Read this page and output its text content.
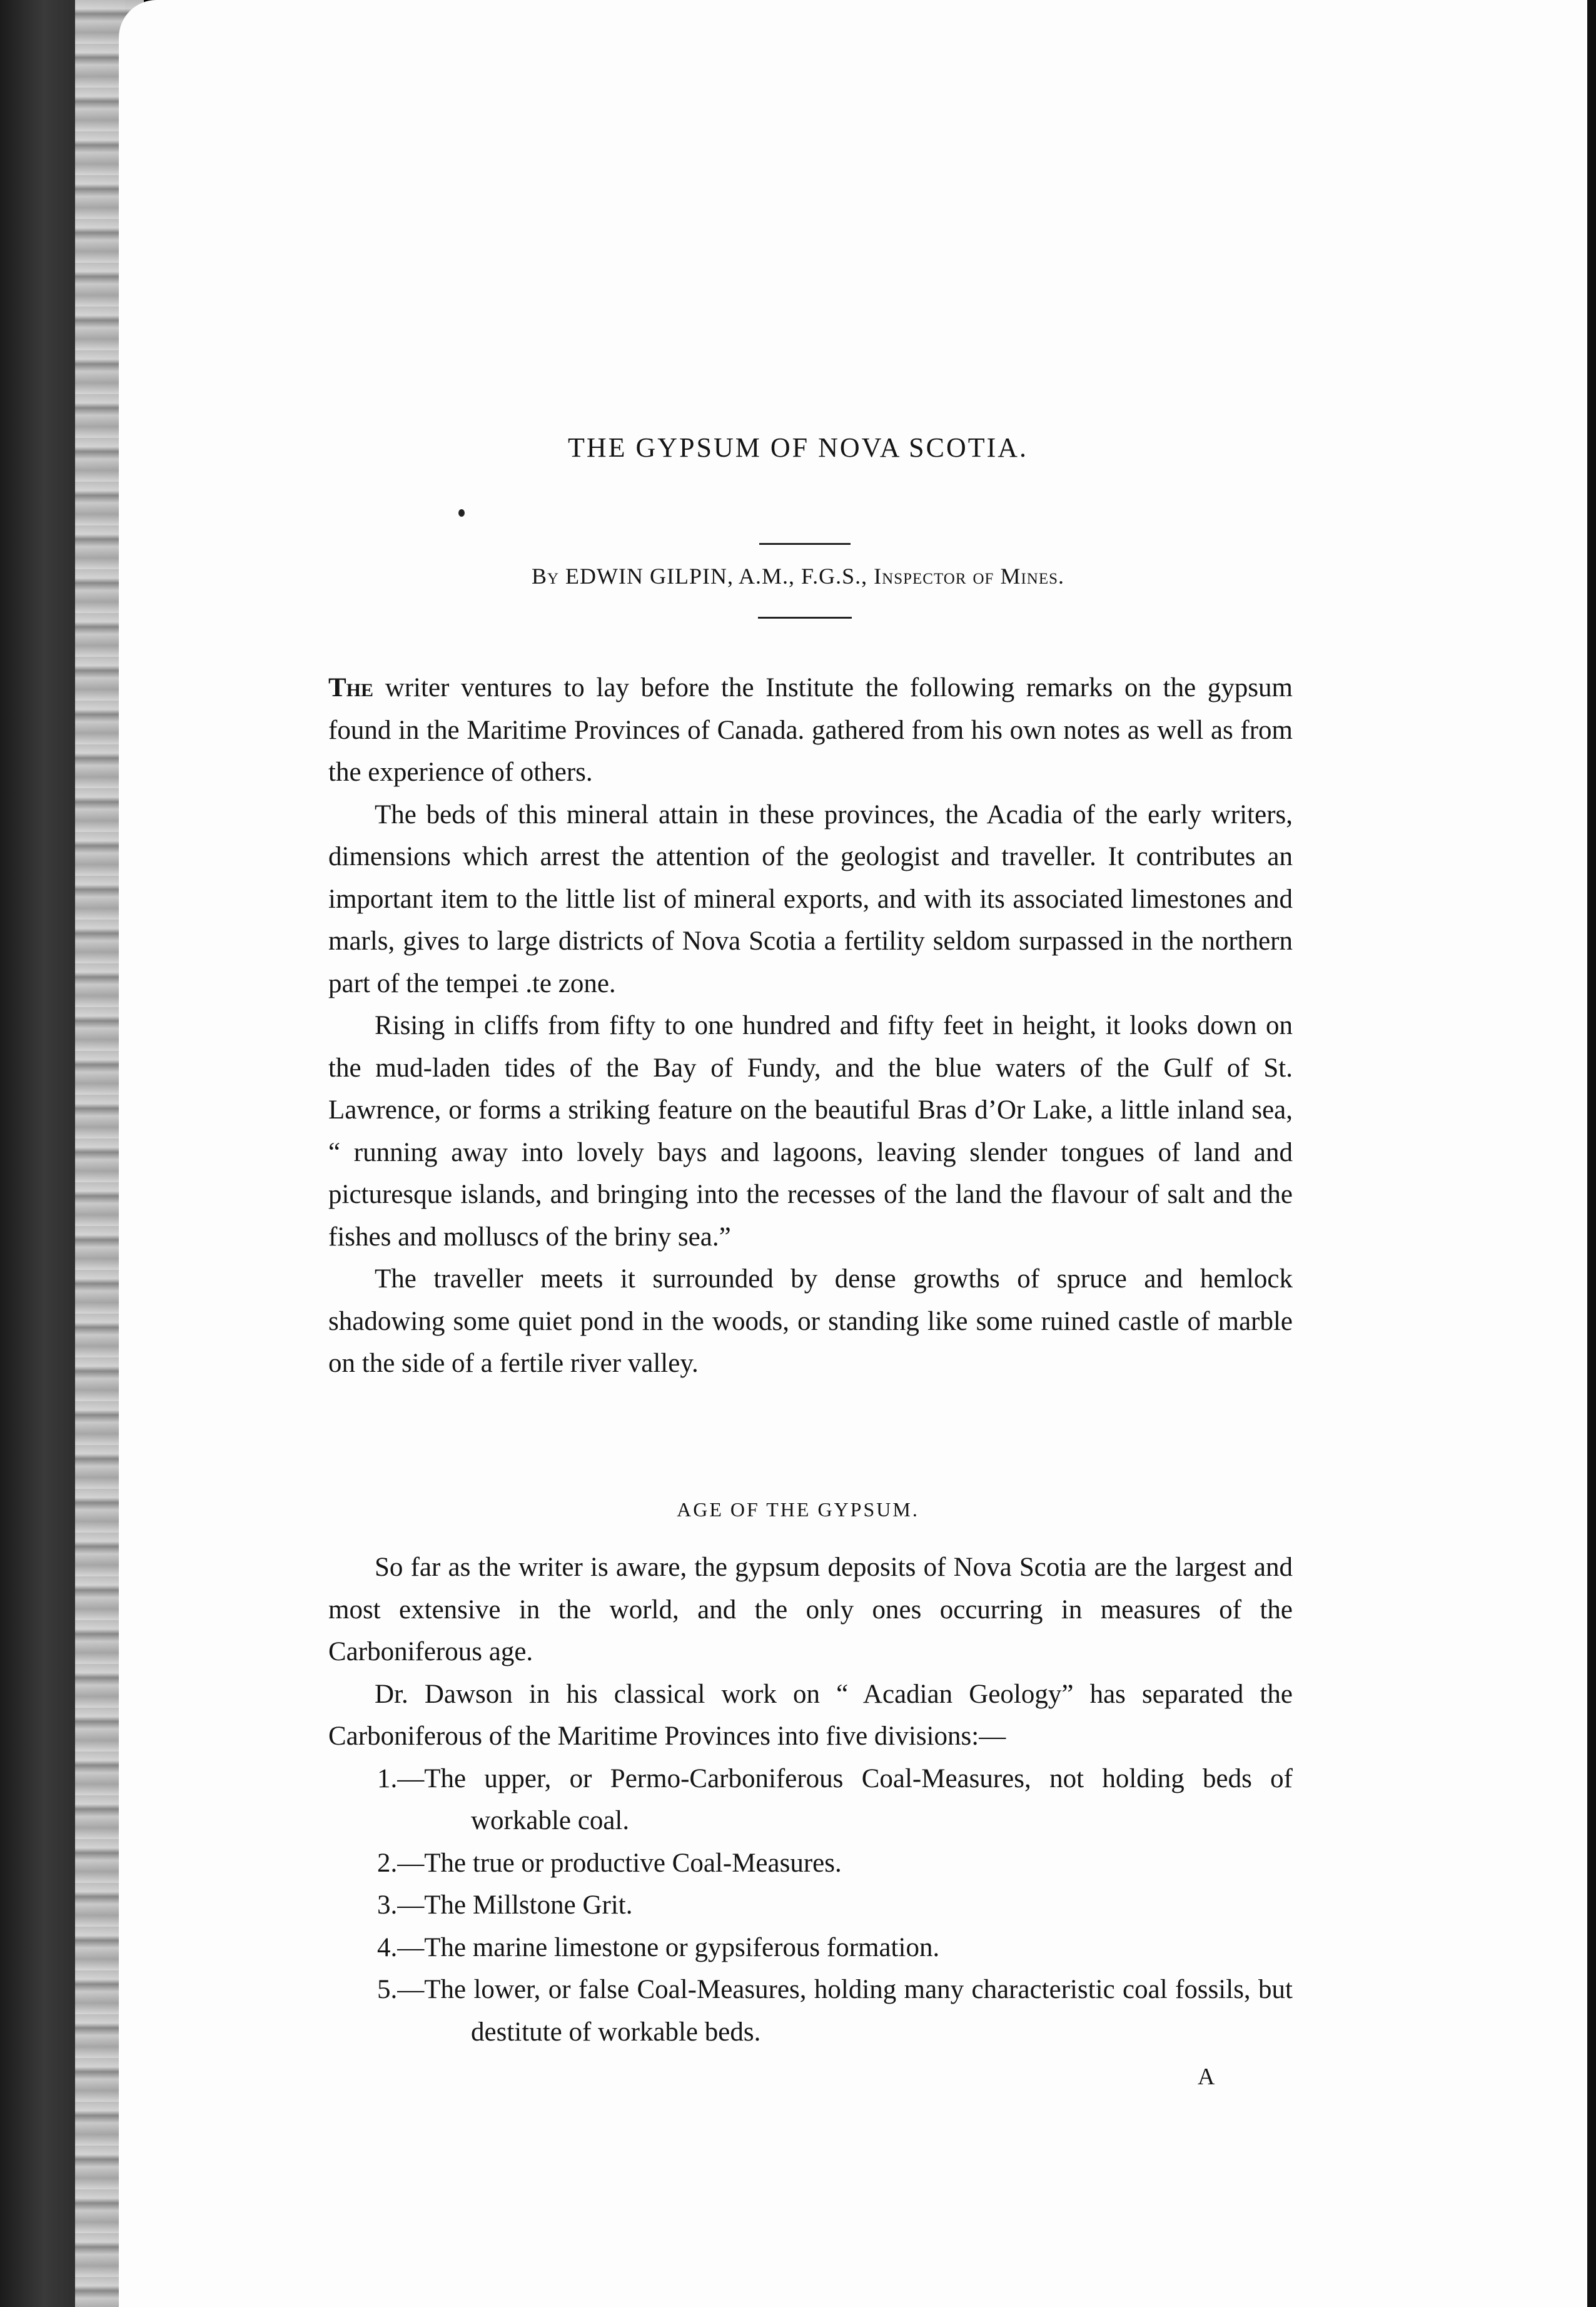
THE GYPSUM OF NOVA SCOTIA.
By EDWIN GILPIN, A.M., F.G.S., Inspector of Mines.

The writer ventures to lay before the Institute the following remarks on the gypsum found in the Maritime Provinces of Canada. gathered from his own notes as well as from the experience of others.

The beds of this mineral attain in these provinces, the Acadia of the early writers, dimensions which arrest the attention of the geologist and traveller. It contributes an important item to the little list of mineral exports, and with its associated limestones and marls, gives to large districts of Nova Scotia a fertility seldom surpassed in the northern part of the tempei .te zone.

Rising in cliffs from fifty to one hundred and fifty feet in height, it looks down on the mud-laden tides of the Bay of Fundy, and the blue waters of the Gulf of St. Lawrence, or forms a striking feature on the beautiful Bras d’Or Lake, a little inland sea, “ running away into lovely bays and lagoons, leaving slender tongues of land and picturesque islands, and bringing into the recesses of the land the flavour of salt and the fishes and molluscs of the briny sea.”

The traveller meets it surrounded by dense growths of spruce and hemlock shadowing some quiet pond in the woods, or standing like some ruined castle of marble on the side of a fertile river valley.

AGE OF THE GYPSUM.

So far as the writer is aware, the gypsum deposits of Nova Scotia are the largest and most extensive in the world, and the only ones occurring in measures of the Carboniferous age.

Dr. Dawson in his classical work on “ Acadian Geology” has separated the Carboniferous of the Maritime Provinces into five divisions:—

1.—The upper, or Permo-Carboniferous Coal-Measures, not holding beds of workable coal.

2.—The true or productive Coal-Measures.

3.—The Millstone Grit.

4.—The marine limestone or gypsiferous formation.

5.—The lower, or false Coal-Measures, holding many characteristic coal fossils, but destitute of workable beds.

A
